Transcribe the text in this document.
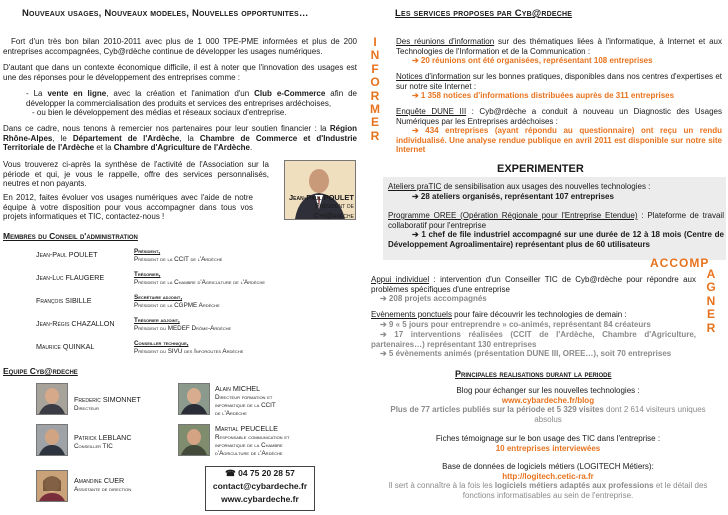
Nouveaux usages, Nouveaux modeles, Nouvelles opportunites…
Fort d'un très bon bilan 2010-2011 avec plus de 1 000 TPE-PME informées et plus de 200 entreprises accompagnées, Cyb@rdèche continue de développer les usages numériques.
D'autant que dans un contexte économique difficile, il est à noter que l'innovation des usages est une des réponses pour le développement des entreprises comme :
- La vente en ligne, avec la création et l'animation d'un Club e-Commerce afin de développer la commercialisation des produits et services des entreprises ardéchoises,
- ou bien le développement des médias et réseaux sociaux d'entreprise.
Dans ce cadre, nous tenons à remercier nos partenaires pour leur soutien financier : la Région Rhône-Alpes, le Département de l'Ardèche, la Chambre de Commerce et d'Industrie Territoriale de l'Ardèche et la Chambre d'Agriculture de l'Ardèche.
Vous trouverez ci-après la synthèse de l'activité de l'Association sur la période et qui, je vous le rappelle, offre des services personnalisés, neutres et non payants.
En 2012, faites évoluer vos usages numériques avec l'aide de notre équipe à votre disposition pour vous accompagner dans tous vos projets informatiques et TIC, contactez-nous !
Jean-Paul POULET
Président de
Cyb@rdèche
Membres du Conseil d'administration
Jean-Paul POULET	Président,
Président de la CCIT de l'Ardèche
Jean-Luc FLAUGERE	Trésorier,
Président de la Chambre d'Agriculture de l'Ardèche
François SIBILLE	Secrétaire adjoint,
Président de la CGPME Ardèche
Jean-Régis CHAZALLON	Trésorier adjoint,
Président du MEDEF Drôme-Ardèche
Maurice QUINKAL	Conseiller technique,
Président du SIVU des Inforoutes Ardèche
Equipe Cyb@rdeche
Frederic SIMONNET
Directeur
Patrick LEBLANC
Conseiller TIC
Amandine CUER
Assistante de direction
Alain MICHEL
Directeur formation et
informatique de la CCIT
de l'Ardèche
Martial PEUCELLE
Responsable communication et
informatique de la Chambre
d'Agriculture de l'Ardèche
☎ 04 75 20 28 57
contact@cybardeche.fr
www.cybardeche.fr
Les services proposes par Cyb@rdeche
I
N
F
O
R
M
E
R
Des réunions d'information sur des thématiques liées à l'informatique, à Internet et aux Technologies de l'Information et de la Communication :
➔ 20 réunions ont été organisées, représentant 108 entreprises
Notices d'information sur les bonnes pratiques, disponibles dans nos centres d'expertises et sur notre site Internet :
➔ 1 358 notices d'informations distribuées auprès de 311 entreprises
Enquête DUNE III : Cyb@rdèche a conduit à nouveau un Diagnostic des Usages Numériques par les Entreprises ardéchoises :
➔ 434 entreprises (ayant répondu au questionnaire) ont reçu un rendu individualisé. Une analyse rendue publique en avril 2011 est disponible sur notre site Internet
EXPERIMENTER
Ateliers praTIC de sensibilisation aux usages des nouvelles technologies :
➔ 28 ateliers organisés, représentant 107 entreprises
Programme OREE (Opération Régionale pour l'Entreprise Etendue) : Plateforme de travail collaboratif pour l'entreprise
➔ 1 chef de file industriel accompagné sur une durée de 12 à 18 mois (Centre de Développement Agroalimentaire) représentant plus de 60 utilisateurs
ACCOMP
A
G
N
E
R
Appui individuel : intervention d'un Conseiller TIC de Cyb@rdèche pour répondre aux problèmes spécifiques d'une entreprise
➔ 208 projets accompagnés
Evènements ponctuels pour faire découvrir les technologies de demain :
➔ 9 « 5 jours pour entreprendre » co-animés, représentant 84 créateurs
➔ 17 interventions réalisées (CCIT de l'Ardèche, Chambre d'Agriculture, partenaires…) représentant 130 entreprises
➔ 5 évènements animés (présentation DUNE III, OREE…), soit 70 entreprises
Principales realisations durant la periode
Blog pour échanger sur les nouvelles technologies :
www.cybardeche.fr/blog
Plus de 77 articles publiés sur la période et 5 329 visites dont 2 614 visiteurs uniques absolus
Fiches témoignage sur le bon usage des TIC dans l'entreprise :
10 entreprises interviewées
Base de données de logiciels métiers (LOGITECH Métiers):
http://logitech.cetic-ra.fr
Il sert à connaître à la fois les logiciels métiers adaptés aux professions et le détail des fonctions informatisables au sein de l'entreprise.
